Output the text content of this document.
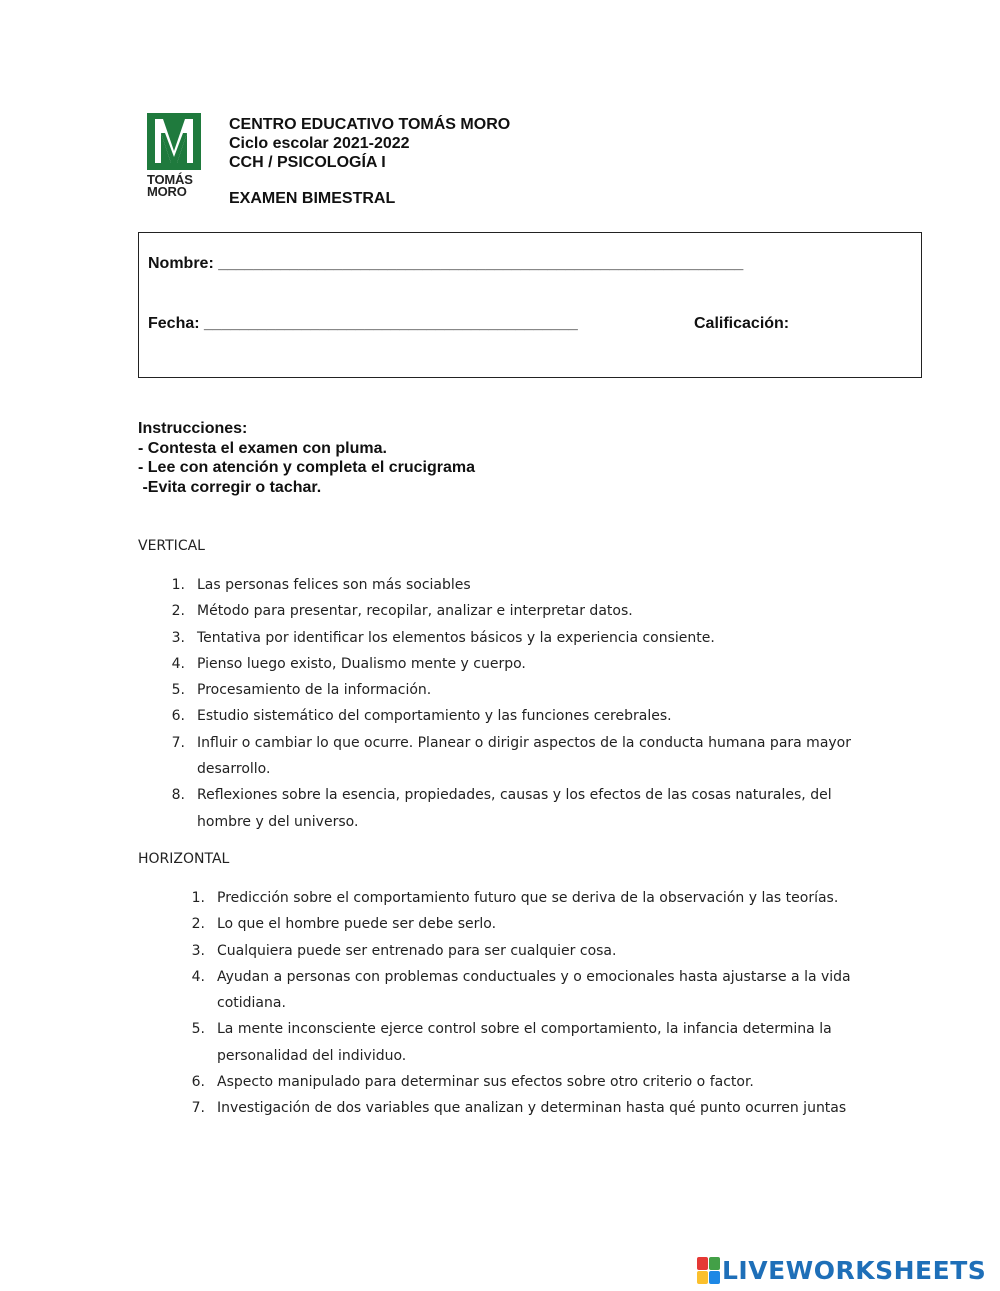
TOMÁS
MORO
CENTRO EDUCATIVO TOMÁS MORO
Ciclo escolar 2021-2022
CCH / PSICOLOGÍA I
EXAMEN BIMESTRAL
Nombre: ___________________________________________________________
Fecha: __________________________________________	Calificación:
Instrucciones:
- Contesta el examen con pluma.
- Lee con atención y completa el crucigrama
-Evita corregir o tachar.
VERTICAL
1. Las personas felices son más sociables
2. Método para presentar, recopilar, analizar e interpretar datos.
3. Tentativa por identificar los elementos básicos y la experiencia consiente.
4. Pienso luego existo, Dualismo mente y cuerpo.
5. Procesamiento de la información.
6. Estudio sistemático del comportamiento y las funciones cerebrales.
7. Influir o cambiar lo que ocurre. Planear o dirigir aspectos de la conducta humana para mayor
desarrollo.
8. Reflexiones sobre la esencia, propiedades, causas y los efectos de las cosas naturales, del
hombre y del universo.
HORIZONTAL
1. Predicción sobre el comportamiento futuro que se deriva de la observación y las teorías.
2. Lo que el hombre puede ser debe serlo.
3. Cualquiera puede ser entrenado para ser cualquier cosa.
4. Ayudan a personas con problemas conductuales y o emocionales hasta ajustarse a la vida
cotidiana.
5. La mente inconsciente ejerce control sobre el comportamiento, la infancia determina la
personalidad del individuo.
6. Aspecto manipulado para determinar sus efectos sobre otro criterio o factor.
7. Investigación de dos variables que analizan y determinan hasta qué punto ocurren juntas
LIVEWORKSHEETS
